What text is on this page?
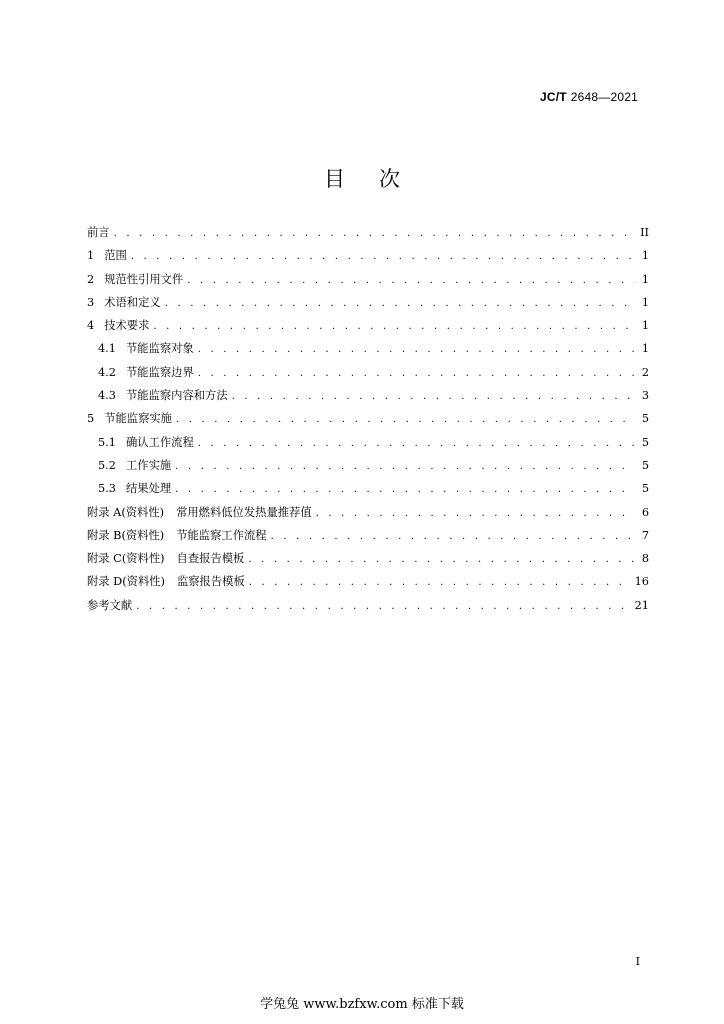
JC/T 2648—2021
目次
前言 . . .	II
1 范围 . . .	1
2 规范性引用文件 . . .	1
3 术语和定义 . . .	1
4 技术要求 . . .	1
4.1 节能监察对象 . . .	1
4.2 节能监察边界 . . .	2
4.3 节能监察内容和方法 . . .	3
5 节能监察实施 . . .	5
5.1 确认工作流程 . . .	5
5.2 工作实施 . . .	5
5.3 结果处理 . . .	5
附录 A(资料性) 常用燃料低位发热量推荐值 . . .	6
附录 B(资料性) 节能监察工作流程 . . .	7
附录 C(资料性) 自查报告模板 . . .	8
附录 D(资料性) 监察报告模板 . . .	16
参考文献 . . .	21
I
学兔兔 www.bzfxw.com 标准下载
